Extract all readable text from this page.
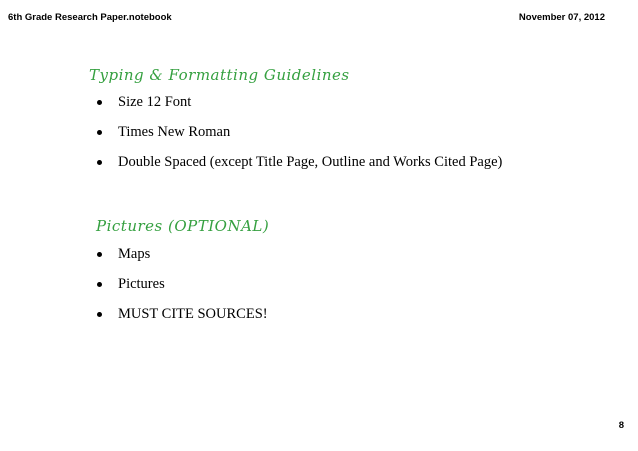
6th Grade Research Paper.notebook	November 07, 2012
Typing & Formatting Guidelines
Size 12 Font
Times New Roman
Double Spaced (except Title Page, Outline and Works Cited Page)
Pictures (OPTIONAL)
Maps
Pictures
MUST CITE SOURCES!
8
